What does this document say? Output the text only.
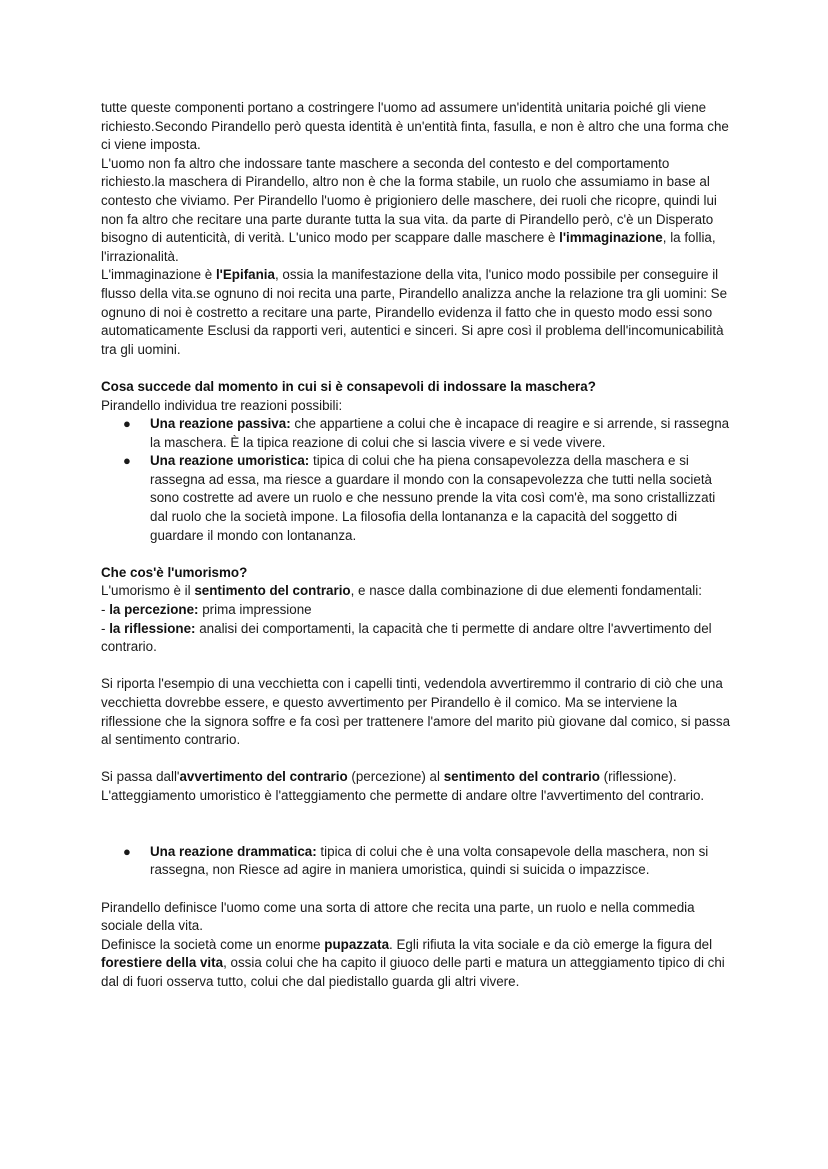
tutte queste componenti portano a costringere l'uomo ad assumere un'identità unitaria poiché gli viene richiesto.Secondo Pirandello però questa identità è un'entità finta, fasulla, e non è altro che una forma che ci viene imposta.
L'uomo non fa altro che indossare tante maschere a seconda del contesto e del comportamento richiesto.la maschera di Pirandello, altro non è che la forma stabile, un ruolo che assumiamo in base al contesto che viviamo. Per Pirandello l'uomo è prigioniero delle maschere, dei ruoli che ricopre, quindi lui non fa altro che recitare una parte durante tutta la sua vita. da parte di Pirandello però, c'è un Disperato bisogno di autenticità, di verità. L'unico modo per scappare dalle maschere è l'immaginazione, la follia, l'irrazionalità.
L'immaginazione è l'Epifania, ossia la manifestazione della vita, l'unico modo possibile per conseguire il flusso della vita.se ognuno di noi recita una parte, Pirandello analizza anche la relazione tra gli uomini: Se ognuno di noi è costretto a recitare una parte, Pirandello evidenza il fatto che in questo modo essi sono automaticamente Esclusi da rapporti veri, autentici e sinceri. Si apre così il problema dell'incomunicabilità tra gli uomini.
Cosa succede dal momento in cui si è consapevoli di indossare la maschera?
Pirandello individua tre reazioni possibili:
● Una reazione passiva: che appartiene a colui che è incapace di reagire e si arrende, si rassegna la maschera. È la tipica reazione di colui che si lascia vivere e si vede vivere.
● Una reazione umoristica: tipica di colui che ha piena consapevolezza della maschera e si rassegna ad essa, ma riesce a guardare il mondo con la consapevolezza che tutti nella società sono costrette ad avere un ruolo e che nessuno prende la vita così com'è, ma sono cristallizzati dal ruolo che la società impone. La filosofia della lontananza e la capacità del soggetto di guardare il mondo con lontananza.
Che cos'è l'umorismo?
L'umorismo è il sentimento del contrario, e nasce dalla combinazione di due elementi fondamentali:
- la percezione: prima impressione
- la riflessione: analisi dei comportamenti, la capacità che ti permette di andare oltre l'avvertimento del contrario.
Si riporta l'esempio di una vecchietta con i capelli tinti, vedendola avvertiremmo il contrario di ciò che una vecchietta dovrebbe essere, e questo avvertimento per Pirandello è il comico. Ma se interviene la riflessione che la signora soffre e fa così per trattenere l'amore del marito più giovane dal comico, si passa al sentimento contrario.
Si passa dall'avvertimento del contrario (percezione) al sentimento del contrario (riflessione).
L'atteggiamento umoristico è l'atteggiamento che permette di andare oltre l'avvertimento del contrario.
● Una reazione drammatica: tipica di colui che è una volta consapevole della maschera, non si rassegna, non Riesce ad agire in maniera umoristica, quindi si suicida o impazzisce.
Pirandello definisce l'uomo come una sorta di attore che recita una parte, un ruolo e nella commedia sociale della vita.
Definisce la società come un enorme pupazzata. Egli rifiuta la vita sociale e da ciò emerge la figura del forestiere della vita, ossia colui che ha capito il giuoco delle parti e matura un atteggiamento tipico di chi dal di fuori osserva tutto, colui che dal piedistallo guarda gli altri vivere.
